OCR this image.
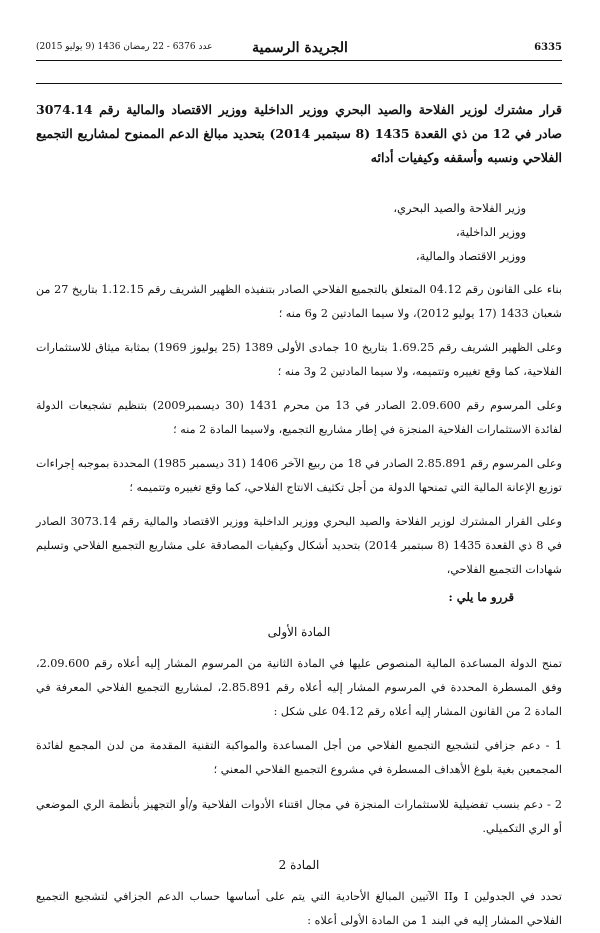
6335
عدد 6376 - 22 رمضان 1436 (9 يوليو 2015)	الجريدة الرسمية
قرار مشترك لوزير الفلاحة والصيد البحري ووزير الداخلية ووزير الاقتصاد والمالية رقم 3074.14 صادر في 12 من ذي القعدة 1435 (8 سبتمبر 2014) بتحديد مبالغ الدعم الممنوح لمشاريع التجميع الفلاحي ونسبه وأسقفه وكيفيات أدائه
وزير الفلاحة والصيد البحري،
ووزير الداخلية،
ووزير الاقتصاد والمالية،

بناء على القانون رقم 04.12 المتعلق بالتجميع الفلاحي الصادر بتنفيذه الظهير الشريف رقم 1.12.15 بتاريخ 27 من شعبان 1433 (17 يوليو 2012)، ولا سيما المادتين 2 و6 منه ؛

وعلى الظهير الشريف رقم 1.69.25 بتاريخ 10 جمادى الأولى 1389 (25 يوليوز 1969) بمثابة ميثاق للاستثمارات الفلاحية، كما وقع تغييره وتتميمه، ولا سيما المادتين 2 و3 منه ؛

وعلى المرسوم رقم 2.09.600 الصادر في 13 من محرم 1431 (30 ديسمبر2009) بتنظيم تشجيعات الدولة لفائدة الاستثمارات الفلاحية المنجزة في إطار مشاريع التجميع، ولاسيما المادة 2 منه ؛

وعلى المرسوم رقم 2.85.891 الصادر في 18 من ربيع الآخر 1406 (31 ديسمبر 1985) المحددة بموجبه إجراءات توزيع الإعانة المالية التي تمنحها الدولة من أجل تكثيف الانتاج الفلاحي، كما وقع تغييره وتتميمه ؛

وعلى القرار المشترك لوزير الفلاحة والصيد البحري ووزير الداخلية ووزير الاقتصاد والمالية رقم 3073.14 الصادر في 8 ذي القعدة 1435 (8 سبتمبر 2014) بتحديد أشكال وكيفيات المصادقة على مشاريع التجميع الفلاحي وتسليم شهادات التجميع الفلاحي،

قررو ما يلي :
المادة الأولى

تمنح الدولة المساعدة المالية المنصوص عليها في المادة الثانية من المرسوم المشار إليه أعلاه رقم 2.09.600، وفق المسطرة المحددة في المرسوم المشار إليه أعلاه رقم 2.85.891، لمشاريع التجميع الفلاحي المعرفة في المادة 2 من القانون المشار إليه أعلاه رقم 04.12 على شكل :

1 - دعم جزافي لتشجيع التجميع الفلاحي من أجل المساعدة والمواكبة التقنية المقدمة من لدن المجمع لفائدة المجمعين بغية بلوغ الأهداف المسطرة في مشروع التجميع الفلاحي المعني ؛

2 - دعم بنسب تفضيلية للاستثمارات المنجزة في مجال اقتناء الأدوات الفلاحية و/أو التجهيز بأنظمة الري الموضعي أو الري التكميلي.

المادة 2

تحدد في الجدولين I وII الآتيين المبالغ الأحادية التي يتم على أساسها حساب الدعم الجزافي لتشجيع التجميع الفلاحي المشار إليه في البند 1 من المادة الأولى أعلاه :
